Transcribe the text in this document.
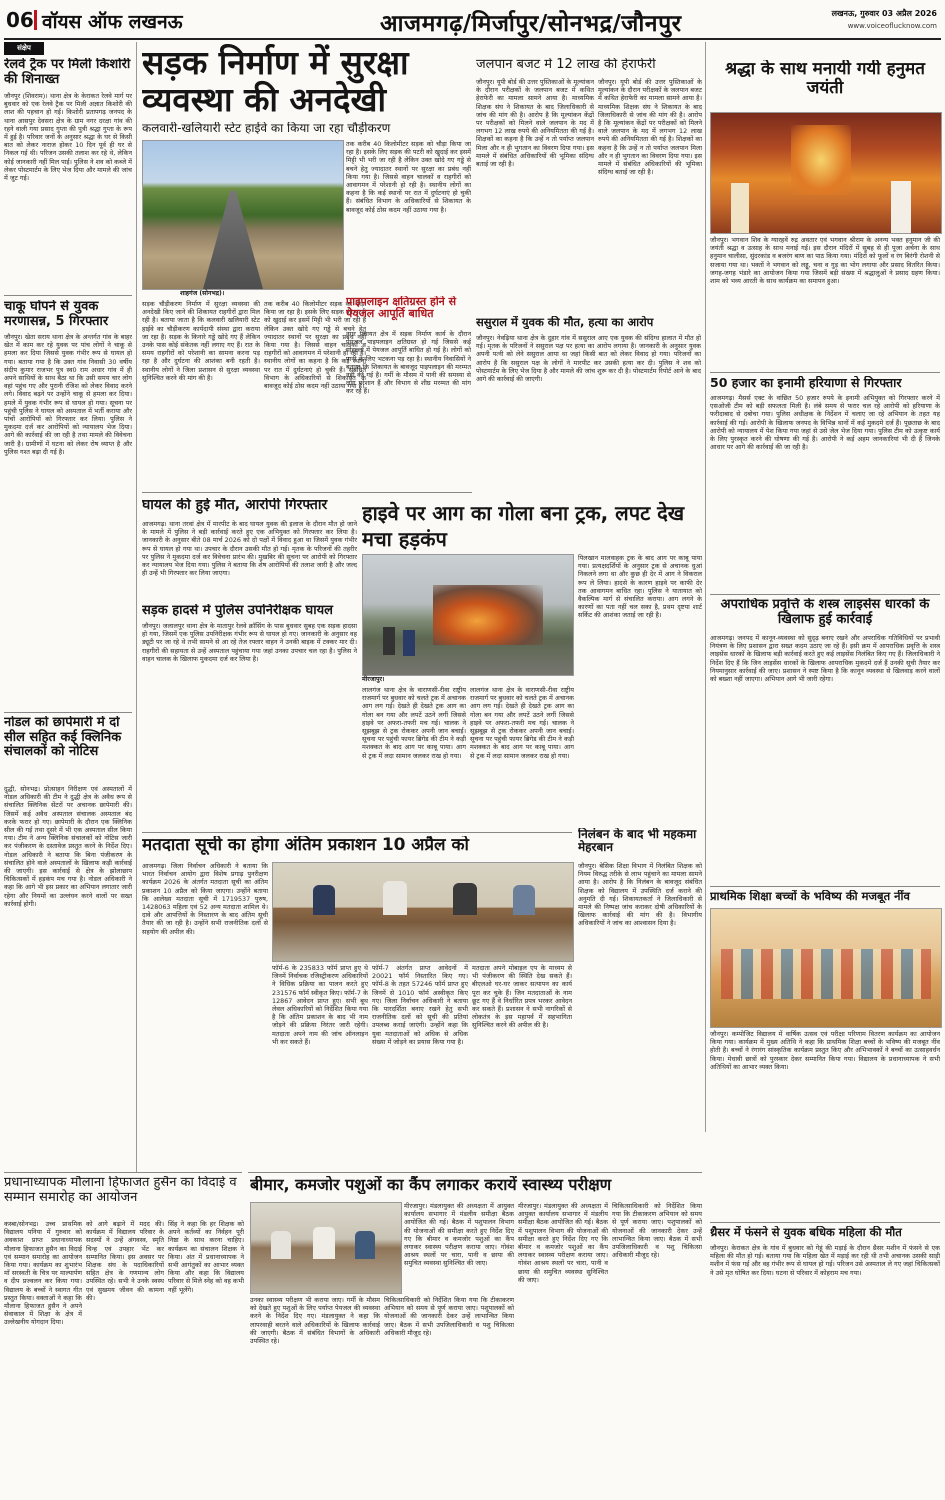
06 वॉयस ऑफ लखनऊ	आजमगढ़/मिर्जापुर/सोनभद्र/जौनपुर	लखनऊ, गुरुवार 03 अप्रैल 2026
www.voiceoflucknow.com
संक्षेप
रेलवे ट्रैक पर मिली किशोरी की शिनाख्त
जौनपुर (शिवराम)। थाना क्षेत्र के केराकत रेलवे मार्ग पर बुधवार को एक रेलवे ट्रैक पर मिली अज्ञात किशोरी की लाश की पहचान हो गई। किशोरी प्रतापगढ़ जनपद के थाना आसपुर देवसरा क्षेत्र के ग्राम नगर दरक्षा गांव की रहने वाली गया प्रसाद गुप्ता की पुत्री श्रद्धा गुप्ता के रूप में हुई है। परिवार जनों के अनुसार श्रद्धा के घर से किसी बात को लेकर नाराज होकर 10 दिन पूर्व ही घर से निकल गई थी। परिजन उसकी तलाश कर रहे थे, लेकिन कोई जानकारी नहीं मिल पाई। पुलिस ने शव को कब्जे में लेकर पोस्टमार्टम के लिए भेज दिया और मामले की जांच में जुट गई।
चाकू घोंपने से युवक मरणासन्न, 5 गिरफ्तार
जौनपुर। खेता सराय थाना क्षेत्र के अन्तर्गत गांव के बाहर खेत में काम कर रहे युवक पर पांच लोगों ने चाकू से हमला कर दिया जिससे युवक गंभीर रूप से घायल हो गया। बताया गया है कि उक्त गांव निवासी 30 वर्षीय संदीप कुमार राजभर पुत्र स्व0 राम अधार गांव में ही अपने साथियों के साथ बैठा था कि उसी समय चार लोग वहां पहुंच गए और पुरानी रंजिश को लेकर विवाद करने लगे। विवाद बढ़ने पर उन्होंने चाकू से हमला कर दिया। हमले में युवक गंभीर रूप से घायल हो गया। सूचना पर पहुंची पुलिस ने घायल को अस्पताल में भर्ती कराया और पांचों आरोपियों को गिरफ्तार कर लिया। पुलिस ने मुकदमा दर्ज कर आरोपियों को न्यायालय भेज दिया। आगे की कार्रवाई की जा रही है तथा मामले की विवेचना जारी है। ग्रामीणों में घटना को लेकर रोष व्याप्त है और पुलिस गश्त बढ़ा दी गई है।
नोडल को छापेमारी में दो सील सहित कई क्लिनिक संचालकों को नोटिस
दुद्धी, सोनभद्र। प्रोत्साहन निरीक्षण एवं अस्पतालों में नोडल अधिकारी की टीम ने दुद्धी क्षेत्र के अवैध रूप से संचालित क्लिनिक सेंटरों पर अचानक छापेमारी की। जिसमें कई अवैध अस्पताल संचालक अस्पताल बंद करके फरार हो गए। छापेमारी के दौरान एक क्लिनिक सील की गई तथा दूसरे में भी एक अस्पताल सील किया गया। टीम ने अन्य क्लिनिक संचालकों को नोटिस जारी कर पंजीकरण के दस्तावेज प्रस्तुत करने के निर्देश दिए। नोडल अधिकारी ने बताया कि बिना पंजीकरण के संचालित होने वाले अस्पतालों के खिलाफ कड़ी कार्रवाई की जाएगी। इस कार्रवाई से क्षेत्र के झोलाछाप चिकित्सकों में हड़कंप मच गया है। नोडल अधिकारी ने कहा कि आगे भी इस प्रकार का अभियान लगातार जारी रहेगा और नियमों का उल्लंघन करने वालों पर सख्त कार्रवाई होगी।
सड़क निर्माण में सुरक्षा व्यवस्था की अनदेखी
कलवारी-खलियारी स्टेट हाईवे का किया जा रहा चौड़ीकरण
शाहगंज (सोनभद्र)।
सड़क चौड़ीकरण निर्माण में सुरक्षा व्यवस्था की अनदेखी किए जाने की शिकायत राहगीरों द्वारा मिल रही है। बताया जाता है कि कलवारी खलियारी स्टेट हाईवे का चौड़ीकरण कार्यदायी संस्था द्वारा कराया जा रहा है। सड़क के किनारे गड्ढे खोदे गए हैं लेकिन उनके पास कोई संकेतक नहीं लगाए गए हैं। रात के समय राहगीरों को परेशानी का सामना करना पड़ रहा है और दुर्घटना की आशंका बनी रहती है। स्थानीय लोगों ने जिला प्रशासन से सुरक्षा व्यवस्था सुनिश्चित करने की मांग की है।
तक करीब 40 किलोमीटर सड़क को चौड़ा किया जा रहा है। इसके लिए सड़क की पटरी को खुदाई कर इसमें मिट्टी भी भरी जा रही है लेकिन उक्त खोदे गए गड्ढे से बचने हेतु ज्यादातर स्थानों पर सुरक्षा का प्रबंध नहीं किया गया है। जिससे वाहन चालकों व राहगीरों को आवागमन में परेशानी हो रही है। स्थानीय लोगों का कहना है कि कई स्थानों पर रात में दुर्घटनाएं हो चुकी हैं। संबंधित विभाग के अधिकारियों से शिकायत के बावजूद कोई ठोस कदम नहीं उठाया गया है।
तक करीब 40 किलोमीटर सड़क को चौड़ा किया जा रहा है। इसके लिए सड़क की पटरी को खुदाई कर इसमें मिट्टी भी भरी जा रही है लेकिन उक्त खोदे गए गड्ढे से बचने हेतु ज्यादातर स्थानों पर सुरक्षा का प्रबंध नहीं किया गया है। जिससे वाहन चालकों व राहगीरों को आवागमन में परेशानी हो रही है। स्थानीय लोगों का कहना है कि कई स्थानों पर रात में दुर्घटनाएं हो चुकी हैं। संबंधित विभाग के अधिकारियों से शिकायत के बावजूद कोई ठोस कदम नहीं उठाया गया है।
घायल की हुई मौत, आरोपी गिरफ्तार
आजमगढ़। थाना तरवां क्षेत्र में मारपीट के बाद घायल युवक की इलाज के दौरान मौत हो जाने के मामले में पुलिस ने बड़ी कार्रवाई करते हुए एक अभियुक्त को गिरफ्तार कर लिया है। जानकारी के अनुसार बीते 08 मार्च 2026 को दो पक्षों में विवाद हुआ था जिसमें युवक गंभीर रूप से घायल हो गया था। उपचार के दौरान उसकी मौत हो गई। मृतक के परिजनों की तहरीर पर पुलिस ने मुकदमा दर्ज कर विवेचना प्रारंभ की। मुखबिर की सूचना पर आरोपी को गिरफ्तार कर न्यायालय भेज दिया गया। पुलिस ने बताया कि शेष आरोपियों की तलाश जारी है और जल्द ही उन्हें भी गिरफ्तार कर लिया जाएगा।
सड़क हादसे में पुलिस उपनिरीक्षक घायल
जौनपुर। जलालपुर थाना क्षेत्र के मातापुर रेलवे क्रॉसिंग के पास बुधवार सुबह एक सड़क हादसा हो गया, जिसमें एक पुलिस उपनिरीक्षक गंभीर रूप से घायल हो गए। जानकारी के अनुसार वह ड्यूटी पर जा रहे थे तभी सामने से आ रहे तेज रफ्तार वाहन ने उनकी बाइक में टक्कर मार दी। राहगीरों की सहायता से उन्हें अस्पताल पहुंचाया गया जहां उनका उपचार चल रहा है। पुलिस ने वाहन चालक के खिलाफ मुकदमा दर्ज कर लिया है।
जलपान बजट में 12 लाख की हेराफेरी
जौनपुर। यूपी बोर्ड की उत्तर पुस्तिकाओं के मूल्यांकन के दौरान परीक्षकों के जलपान बजट में कथित हेराफेरी का मामला सामने आया है। माध्यमिक शिक्षक संघ ने शिकायत के बाद जिलाधिकारी से जांच की मांग की है। आरोप है कि मूल्यांकन केंद्रों पर परीक्षकों को मिलने वाले जलपान के मद में लगभग 12 लाख रुपये की अनियमितता की गई है। शिक्षकों का कहना है कि उन्हें न तो पर्याप्त जलपान मिला और न ही भुगतान का विवरण दिया गया। इस मामले में संबंधित अधिकारियों की भूमिका संदिग्ध बताई जा रही है।
जौनपुर। यूपी बोर्ड की उत्तर पुस्तिकाओं के मूल्यांकन के दौरान परीक्षकों के जलपान बजट में कथित हेराफेरी का मामला सामने आया है। माध्यमिक शिक्षक संघ ने शिकायत के बाद जिलाधिकारी से जांच की मांग की है। आरोप है कि मूल्यांकन केंद्रों पर परीक्षकों को मिलने वाले जलपान के मद में लगभग 12 लाख रुपये की अनियमितता की गई है। शिक्षकों का कहना है कि उन्हें न तो पर्याप्त जलपान मिला और न ही भुगतान का विवरण दिया गया। इस मामले में संबंधित अधिकारियों की भूमिका संदिग्ध बताई जा रही है।
पाइपलाइन क्षतिग्रस्त होने से पेयजल आपूर्ति बाधित
नगर पंचायत क्षेत्र में सड़क निर्माण कार्य के दौरान पेयजल पाइपलाइन क्षतिग्रस्त हो गई जिससे कई मोहल्लों में पेयजल आपूर्ति बाधित हो गई है। लोगों को पानी के लिए भटकना पड़ रहा है। स्थानीय निवासियों ने बताया कि शिकायत के बावजूद पाइपलाइन की मरम्मत नहीं की गई है। गर्मी के मौसम में पानी की समस्या से लोग परेशान हैं और विभाग से शीघ्र मरम्मत की मांग कर रहे हैं।
ससुराल में युवक की मौत, हत्या का आरोप
जौनपुर। नेवढ़िया थाना क्षेत्र के दुहार गांव में ससुराल आए एक युवक की संदिग्ध हालात में मौत हो गई। मृतक के परिजनों ने ससुराल पक्ष पर हत्या का आरोप लगाया है। जानकारी के अनुसार युवक अपनी पत्नी को लेने ससुराल आया था जहां किसी बात को लेकर विवाद हो गया। परिजनों का आरोप है कि ससुराल पक्ष के लोगों ने मारपीट कर उसकी हत्या कर दी। पुलिस ने शव को पोस्टमार्टम के लिए भेज दिया है और मामले की जांच शुरू कर दी है। पोस्टमार्टम रिपोर्ट आने के बाद आगे की कार्रवाई की जाएगी।
हाइवे पर आग का गोला बना ट्रक, लपट देख मचा हड़कंप
मीरजापुर।
लालगंज थाना क्षेत्र के वाराणसी-रीवा राष्ट्रीय राजमार्ग पर बुधवार को चलते ट्रक में अचानक आग लग गई। देखते ही देखते ट्रक आग का गोला बन गया और लपटें उठने लगीं जिससे हाइवे पर अफरा-तफरी मच गई। चालक ने सूझबूझ से ट्रक रोककर अपनी जान बचाई। सूचना पर पहुंची फायर ब्रिगेड की टीम ने कड़ी मशक्कत के बाद आग पर काबू पाया। आग से ट्रक में लदा सामान जलकर राख हो गया।
लालगंज थाना क्षेत्र के वाराणसी-रीवा राष्ट्रीय राजमार्ग पर बुधवार को चलते ट्रक में अचानक आग लग गई। देखते ही देखते ट्रक आग का गोला बन गया और लपटें उठने लगीं जिससे हाइवे पर अफरा-तफरी मच गई। चालक ने सूझबूझ से ट्रक रोककर अपनी जान बचाई। सूचना पर पहुंची फायर ब्रिगेड की टीम ने कड़ी मशक्कत के बाद आग पर काबू पाया। आग से ट्रक में लदा सामान जलकर राख हो गया।
पिलखान मालवाहक ट्रक के बाद आग पर काबू पाया गया। प्रत्यक्षदर्शियों के अनुसार ट्रक से अचानक धुआं निकलने लगा था और कुछ ही देर में आग ने विकराल रूप ले लिया। हादसे के कारण हाइवे पर काफी देर तक आवागमन बाधित रहा। पुलिस ने यातायात को वैकल्पिक मार्ग से संचालित कराया। आग लगने के कारणों का पता नहीं चल सका है, प्रथम दृष्टया शार्ट सर्किट की आशंका जताई जा रही है।
निलंबन के बाद भी महकमा मेहरबान
जौनपुर। बेसिक शिक्षा विभाग में निलंबित शिक्षक को नियम विरुद्ध तरीके से लाभ पहुंचाने का मामला सामने आया है। आरोप है कि निलंबन के बावजूद संबंधित शिक्षक को विद्यालय में उपस्थिति दर्ज कराने की अनुमति दी गई। शिकायतकर्ता ने जिलाधिकारी से मामले की निष्पक्ष जांच कराकर दोषी अधिकारियों के खिलाफ कार्रवाई की मांग की है। विभागीय अधिकारियों ने जांच का आश्वासन दिया है।
मतदाता सूची का होगा अंतिम प्रकाशन 10 अप्रैल को
आजमगढ़। जिला निर्वाचन अधिकारी ने बताया कि भारत निर्वाचन आयोग द्वारा विशेष प्रगाढ़ पुनरीक्षण कार्यक्रम 2026 के अंतर्गत मतदाता सूची का अंतिम प्रकाशन 10 अप्रैल को किया जाएगा। उन्होंने बताया कि आलेख्य मतदाता सूची में 1719537 पुरुष, 1428063 महिला एवं 52 अन्य मतदाता शामिल थे। दावे और आपत्तियों के निस्तारण के बाद अंतिम सूची तैयार की जा रही है। उन्होंने सभी राजनीतिक दलों से सहयोग की अपील की।
फॉर्म-6 के 235833 फॉर्म प्राप्त हुए थे जिनमें निर्वाचक रजिस्ट्रीकरण अधिकारियों ने विधिक प्रक्रिया का पालन करते हुए 231576 फॉर्म स्वीकृत किए। फॉर्म-7 के 12867 आवेदन प्राप्त हुए। सभी बूथ लेवल अधिकारियों को निर्देशित किया गया है कि अंतिम प्रकाशन के बाद भी नाम जोड़ने की प्रक्रिया निरंतर जारी रहेगी। मतदाता अपने नाम की जांच ऑनलाइन भी कर सकते हैं।
फॉर्म-7 अंतर्गत प्राप्त आवेदनों में 20021 फॉर्म निस्तारित किए गए। फॉर्म-8 के तहत 57246 फॉर्म प्राप्त हुए जिनमें से 1010 फॉर्म अस्वीकृत किए गए। जिला निर्वाचन अधिकारी ने बताया कि पारदर्शिता बनाए रखने हेतु सभी राजनीतिक दलों को सूची की प्रतियां उपलब्ध कराई जाएंगी। उन्होंने कहा कि युवा मतदाताओं को अधिक से अधिक संख्या में जोड़ने का प्रयास किया गया है।
मतदाता अपने मोबाइल एप के माध्यम से भी पंजीकरण की स्थिति देख सकते हैं। बीएलओ घर-घर जाकर सत्यापन का कार्य पूरा कर चुके हैं। जिन मतदाताओं के नाम छूट गए हैं वे निर्धारित प्रपत्र भरकर आवेदन कर सकते हैं। प्रशासन ने सभी नागरिकों से लोकतंत्र के इस महापर्व में सहभागिता सुनिश्चित करने की अपील की है।
प्रधानाध्यापक मौलाना हिफाजत हुसैन का विदाई व सम्मान समारोह का आयोजन
कस्बा/सोनभद्र। उच्च प्राथमिक विद्यालय पनिया में गुरुवार को अवकाश प्राप्त प्रधानाध्यापक मौलाना हिफाजत हुसैन का विदाई एवं सम्मान समारोह का आयोजन किया गया। कार्यक्रम का शुभारंभ माँ सरस्वती के चित्र पर माल्यार्पण व दीप प्रज्वलन कर किया गया। विद्यालय के बच्चों ने स्वागत गीत प्रस्तुत किया। वक्ताओं ने कहा कि मौलाना हिफाजत हुसैन ने अपने सेवाकाल में शिक्षा के क्षेत्र में उल्लेखनीय योगदान दिया।
को आगे बढ़ाने में मदद की। कार्यक्रम में विद्यालय परिवार के सदस्यों ने उन्हें अंगवस्त्र, स्मृति चिन्ह एवं उपहार भेंट कर सम्मानित किया। इस अवसर पर शिक्षक संघ के पदाधिकारियों सहित क्षेत्र के गणमान्य लोग उपस्थित रहे। सभी ने उनके स्वस्थ एवं सुखमय जीवन की कामना की।
सिंह ने कहा कि हर शिक्षक को अपने कर्तव्यों का निर्वहन पूरी निष्ठा के साथ करना चाहिए। कार्यक्रम का संचालन शिक्षक ने किया। अंत में प्रधानाध्यापक ने सभी आगंतुकों का आभार व्यक्त किया और कहा कि विद्यालय परिवार से मिले स्नेह को वह कभी नहीं भूलेंगे।
बीमार, कमजोर पशुओं का कैंप लगाकर करायें स्वास्थ्य परीक्षण
मीरजापुर। मंडलायुक्त की अध्यक्षता में आयुक्त कार्यालय सभागार में मंडलीय समीक्षा बैठक आयोजित की गई। बैठक में पशुपालन विभाग की योजनाओं की समीक्षा करते हुए निर्देश दिए गए कि बीमार व कमजोर पशुओं का कैंप लगाकर स्वास्थ्य परीक्षण कराया जाए। गोवंश आश्रय स्थलों पर चारा, पानी व छाया की समुचित व्यवस्था सुनिश्चित की जाए।
उनका स्वास्थ्य परीक्षण भी कराया जाए। गर्मी के मौसम को देखते हुए पशुओं के लिए पर्याप्त पेयजल की व्यवस्था करने के निर्देश दिए गए। मंडलायुक्त ने कहा कि लापरवाही बरतने वाले अधिकारियों के खिलाफ कार्रवाई की जाएगी। बैठक में संबंधित विभागों के अधिकारी उपस्थित रहे।
चिकित्साधिकारी को निर्देशित किया गया कि टीकाकरण अभियान को समय से पूर्ण कराया जाए। पशुपालकों को योजनाओं की जानकारी देकर उन्हें लाभान्वित किया जाए। बैठक में सभी उपजिलाधिकारी व पशु चिकित्सा अधिकारी मौजूद रहे।
मीरजापुर। मंडलायुक्त की अध्यक्षता में आयुक्त कार्यालय सभागार में मंडलीय समीक्षा बैठक आयोजित की गई। बैठक में पशुपालन विभाग की योजनाओं की समीक्षा करते हुए निर्देश दिए गए कि बीमार व कमजोर पशुओं का कैंप लगाकर स्वास्थ्य परीक्षण कराया जाए। गोवंश आश्रय स्थलों पर चारा, पानी व छाया की समुचित व्यवस्था सुनिश्चित की जाए।
चिकित्साधिकारी को निर्देशित किया गया कि टीकाकरण अभियान को समय से पूर्ण कराया जाए। पशुपालकों को योजनाओं की जानकारी देकर उन्हें लाभान्वित किया जाए। बैठक में सभी उपजिलाधिकारी व पशु चिकित्सा अधिकारी मौजूद रहे।
श्रद्धा के साथ मनायी गयी हनुमत जयंती
जौनपुर। भगवान शिव के ग्यारहवें रुद्र अवतार एवं भगवान श्रीराम के अनन्य भक्त हनुमान जी की जयंती श्रद्धा व उत्साह के साथ मनाई गई। इस दौरान मंदिरों में सुबह से ही पूजा अर्चना के साथ हनुमान चालीसा, सुंदरकांड व बजरंग बाण का पाठ किया गया। मंदिरों को फूलों व रंग बिरंगी रोशनी से सजाया गया था। भक्तों ने भगवान को लड्डू, चना व गुड़ का भोग लगाया और प्रसाद वितरित किया। जगह-जगह भंडारे का आयोजन किया गया जिसमें बड़ी संख्या में श्रद्धालुओं ने प्रसाद ग्रहण किया। शाम को भव्य आरती के साथ कार्यक्रम का समापन हुआ।
50 हजार का इनामी हरियाणा से गिरफ्तार
आजमगढ़। मैसर्स एक्ट के वांछित 50 हजार रुपये के इनामी अभियुक्त को गिरफ्तार करने में एसओजी टीम को बड़ी सफलता मिली है। लंबे समय से फरार चल रहे आरोपी को हरियाणा के फरीदाबाद से दबोचा गया। पुलिस अधीक्षक के निर्देशन में चलाए जा रहे अभियान के तहत यह कार्रवाई की गई। आरोपी के खिलाफ जनपद के विभिन्न थानों में कई मुकदमे दर्ज हैं। पूछताछ के बाद आरोपी को न्यायालय में पेश किया गया जहां से उसे जेल भेज दिया गया। पुलिस टीम को उत्कृष्ट कार्य के लिए पुरस्कृत करने की घोषणा की गई है। आरोपी ने कई अहम जानकारियां भी दी हैं जिनके आधार पर आगे की कार्रवाई की जा रही है।
अपराधिक प्रवृत्ति के शस्त्र लाइसेंस धारकों के खिलाफ हुई कार्रवाई
आजमगढ़। जनपद में कानून-व्यवस्था को सुदृढ़ बनाए रखने और अपराधिक गतिविधियों पर प्रभावी नियंत्रण के लिए प्रशासन द्वारा सख्त कदम उठाए जा रहे हैं। इसी क्रम में आपराधिक प्रवृत्ति के शस्त्र लाइसेंस धारकों के खिलाफ बड़ी कार्रवाई करते हुए कई लाइसेंस निलंबित किए गए हैं। जिलाधिकारी ने निर्देश दिए हैं कि जिन लाइसेंस धारकों के खिलाफ आपराधिक मुकदमे दर्ज हैं उनकी सूची तैयार कर नियमानुसार कार्रवाई की जाए। प्रशासन ने स्पष्ट किया है कि कानून व्यवस्था से खिलवाड़ करने वालों को बख्शा नहीं जाएगा। अभियान आगे भी जारी रहेगा।
प्राथमिक शिक्षा बच्चों के भविष्य की मजबूत नींव
जौनपुर। कम्पोजिट विद्यालय में वार्षिक उत्सव एवं परीक्षा परिणाम वितरण कार्यक्रम का आयोजन किया गया। कार्यक्रम में मुख्य अतिथि ने कहा कि प्राथमिक शिक्षा बच्चों के भविष्य की मजबूत नींव होती है। बच्चों ने रंगारंग सांस्कृतिक कार्यक्रम प्रस्तुत किए और अभिभावकों ने बच्चों का उत्साहवर्धन किया। मेधावी छात्रों को पुरस्कार देकर सम्मानित किया गया। विद्यालय के प्रधानाध्यापक ने सभी अतिथियों का आभार व्यक्त किया।
थ्रैसर में फंसने से युवक बधिक महिला की मौत
जौनपुर। केराकत क्षेत्र के गांव में बुधवार को गेहूं की मड़ाई के दौरान थ्रैसर मशीन में फंसने से एक महिला की मौत हो गई। बताया गया कि महिला खेत में मड़ाई कर रही थी तभी अचानक उसकी साड़ी मशीन में फंस गई और वह गंभीर रूप से घायल हो गई। परिजन उसे अस्पताल ले गए जहां चिकित्सकों ने उसे मृत घोषित कर दिया। घटना से परिवार में कोहराम मच गया।
